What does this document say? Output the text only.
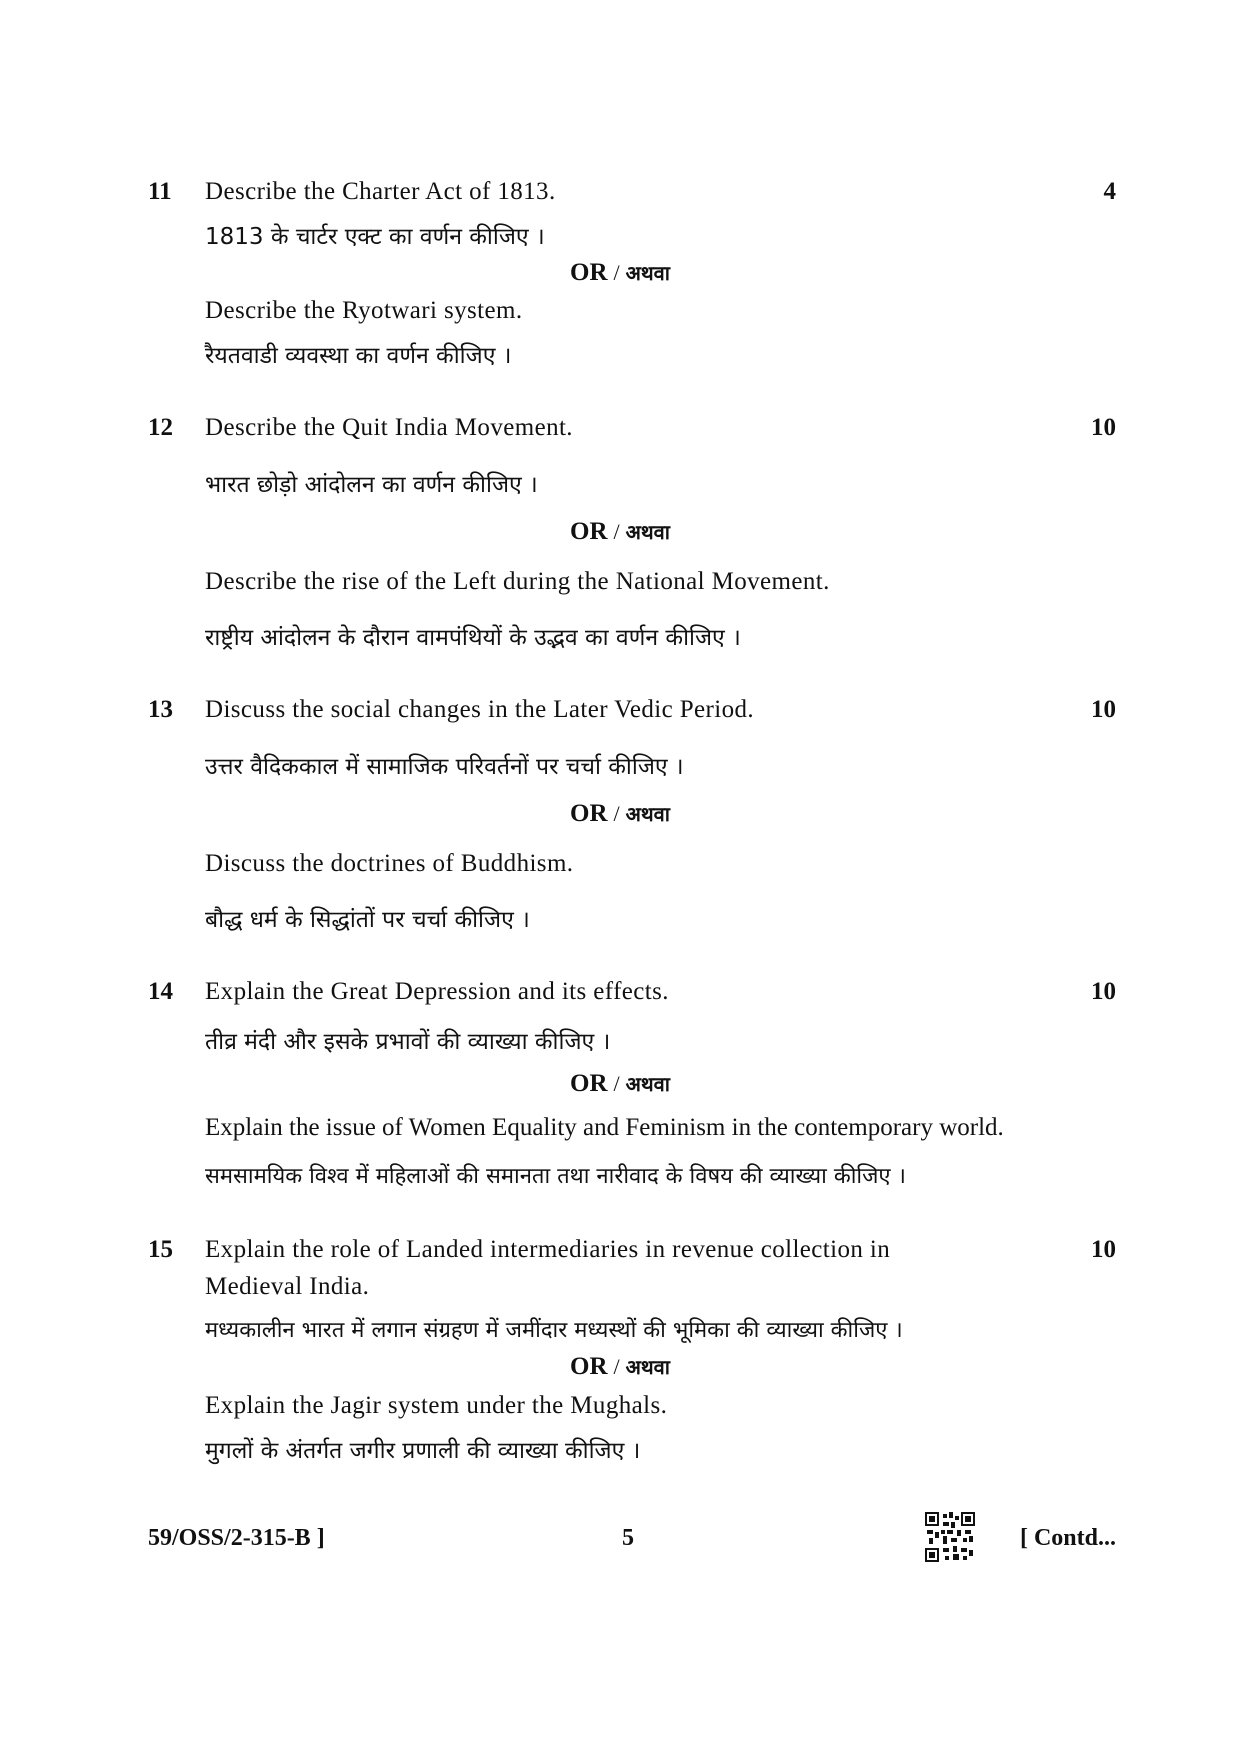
11 Describe the Charter Act of 1813.	4
1813 के चार्टर एक्ट का वर्णन कीजिए ।
OR / अथवा
Describe the Ryotwari system.
रैयतवाडी व्यवस्था का वर्णन कीजिए ।
12 Describe the Quit India Movement.	10
भारत छोड़ो आंदोलन का वर्णन कीजिए ।
OR / अथवा
Describe the rise of the Left during the National Movement.
राष्ट्रीय आंदोलन के दौरान वामपंथियों के उद्भव का वर्णन कीजिए ।
13 Discuss the social changes in the Later Vedic Period.	10
उत्तर वैदिककाल में सामाजिक परिवर्तनों पर चर्चा कीजिए ।
OR / अथवा
Discuss the doctrines of Buddhism.
बौद्ध धर्म के सिद्धांतों पर चर्चा कीजिए ।
14 Explain the Great Depression and its effects.	10
तीव्र मंदी और इसके प्रभावों की व्याख्या कीजिए ।
OR / अथवा
Explain the issue of Women Equality and Feminism in the contemporary world.
समसामयिक विश्व में महिलाओं की समानता तथा नारीवाद के विषय की व्याख्या कीजिए ।
15 Explain the role of Landed intermediaries in revenue collection in	10
Medieval India.
मध्यकालीन भारत में लगान संग्रहण में जमींदार मध्यस्थों की भूमिका की व्याख्या कीजिए ।
OR / अथवा
Explain the Jagir system under the Mughals.
मुगलों के अंतर्गत जगीर प्रणाली की व्याख्या कीजिए ।
59/OSS/2-315-B ]	5	[ Contd...
